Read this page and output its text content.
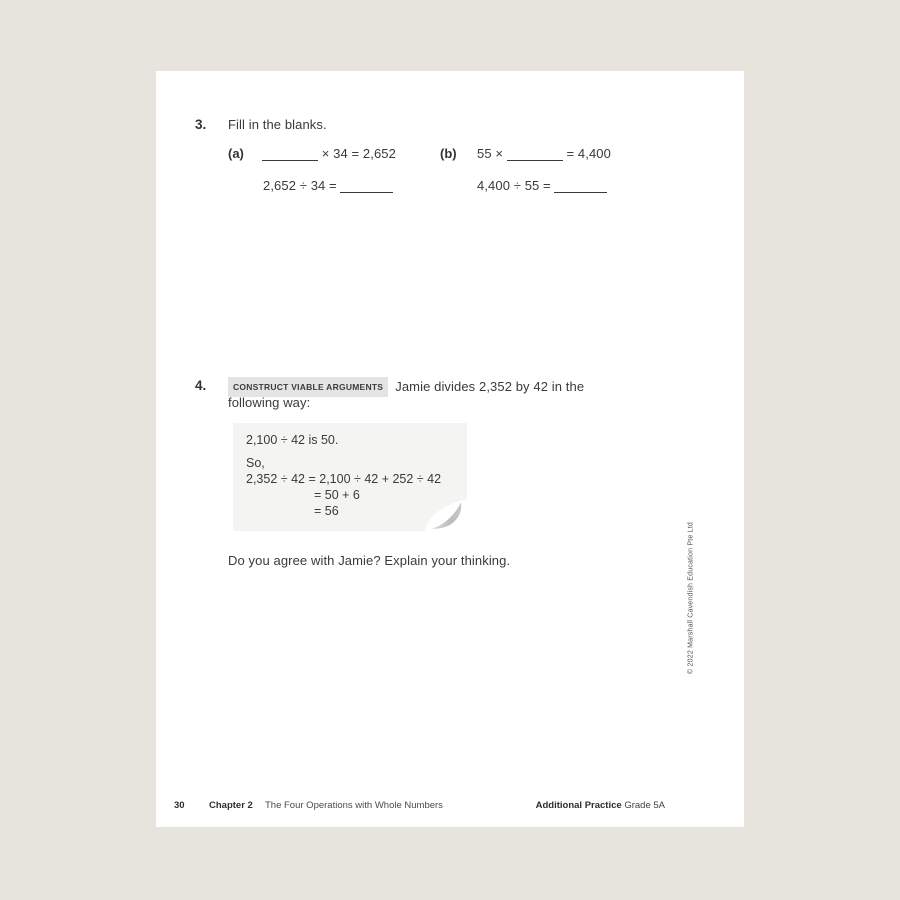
3. Fill in the blanks.
(a)	× 34 = 2,652	(b) 55 ×	= 4,400
2,652 ÷ 34 =	4,400 ÷ 55 =
4.	CONSTRUCT VIABLE ARGUMENTS Jamie divides 2,352 by 42 in the
following way:

2,100 ÷ 42 is 50.

So,

2,352 ÷ 42 = 2,100 ÷ 42 + 252 ÷ 42

= 50 + 6

= 56

Do you agree with Jamie? Explain your thinking.	© 2022 Marshall Cavendish Education Pte Ltd
30	Chapter 2 The Four Operations with Whole Numbers	Additional Practice Grade 5A
